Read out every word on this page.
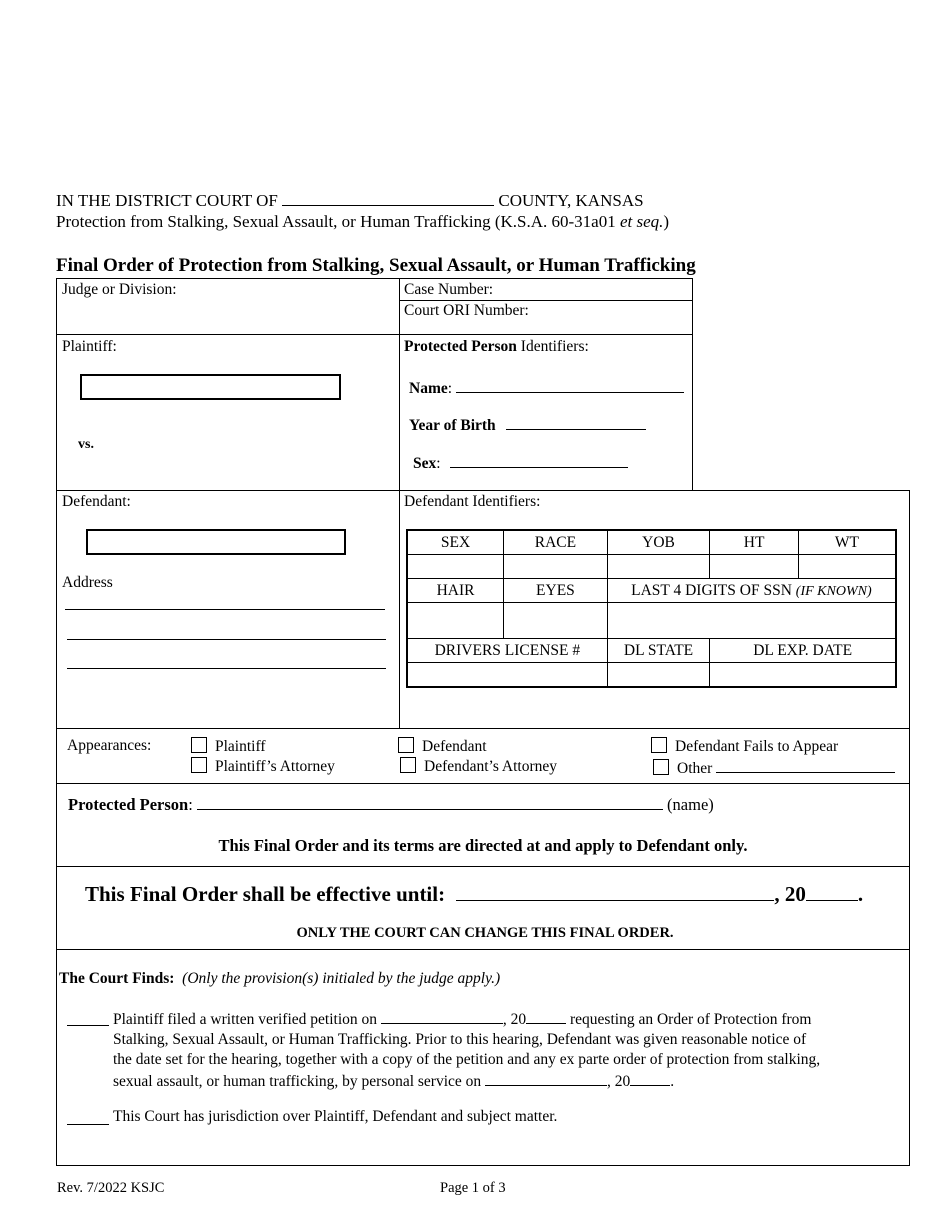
IN THE DISTRICT COURT OF	COUNTY, KANSAS
Protection from Stalking, Sexual Assault, or Human Trafficking (K.S.A. 60-31a01 et seq.)
Final Order of Protection from Stalking, Sexual Assault, or Human Trafficking
Judge or Division:	Case Number:
Court ORI Number:
Plaintiff:
vs.
Protected Person Identifiers:
Name:
Year of Birth
Sex:
Defendant:
Address
Defendant Identifiers:
SEX	RACE	YOB	HT	WT

HAIR	EYES	LAST 4 DIGITS OF SSN (IF KNOWN)		

DRIVERS LICENSE #		DL STATE	DL EXP. DATE	

Appearances:	Plaintiff	Defendant	Defendant Fails to Appear
Plaintiff’s Attorney	Defendant’s Attorney	Other
Protected Person:	(name)
This Final Order and its terms are directed at and apply to Defendant only.
This Final Order shall be effective until:	, 20 .
ONLY THE COURT CAN CHANGE THIS FINAL ORDER.
The Court Finds: (Only the provision(s) initialed by the judge apply.)
Plaintiff filed a written verified petition on	, 20	requesting an Order of Protection from
Stalking, Sexual Assault, or Human Trafficking. Prior to this hearing, Defendant was given reasonable notice of
the date set for the hearing, together with a copy of the petition and any ex parte order of protection from stalking,
sexual assault, or human trafficking, by personal service on	, 20	.
This Court has jurisdiction over Plaintiff, Defendant and subject matter.
Rev. 7/2022 KSJC	Page 1 of 3
